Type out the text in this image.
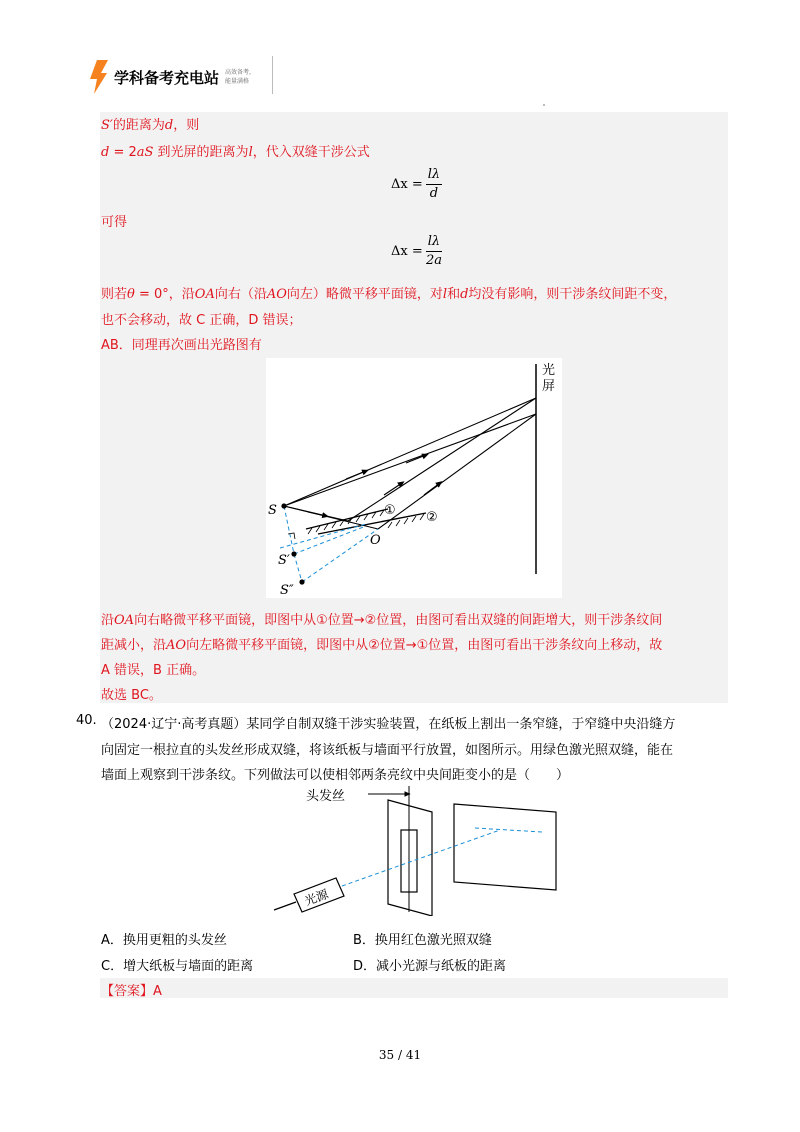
学科备考充电站 高效备考，
能量满格
S′的距离为d，则
d = 2aS 到光屏的距离为l，代入双缝干涉公式
$\Delta x = \frac{l\lambda}{d}$
可得
$\Delta x = \frac{l\lambda}{2a}$
则若θ = 0°，沿OA向右（沿AO向左）略微平移平面镜，对l和d均没有影响，则干涉条纹间距不变，
也不会移动，故 C 正确，D 错误；
AB．同理再次画出光路图有
光
屏
S
S′
S″
O
① ②
沿OA向右略微平移平面镜，即图中从①位置→②位置，由图可看出双缝的间距增大，则干涉条纹间
距减小，沿AO向左略微平移平面镜，即图中从②位置→①位置，由图可看出干涉条纹向上移动，故
A 错误，B 正确。
故选 BC。
40. （2024·辽宁·高考真题）某同学自制双缝干涉实验装置，在纸板上割出一条窄缝，于窄缝中央沿缝方
向固定一根拉直的头发丝形成双缝，将该纸板与墙面平行放置，如图所示。用绿色激光照双缝，能在
墙面上观察到干涉条纹。下列做法可以使相邻两条亮纹中央间距变小的是（　　）
头发丝
光源
A．换用更粗的头发丝	B．换用红色激光照双缝
C．增大纸板与墙面的距离	D．减小光源与纸板的距离
【答案】A
35 / 41
